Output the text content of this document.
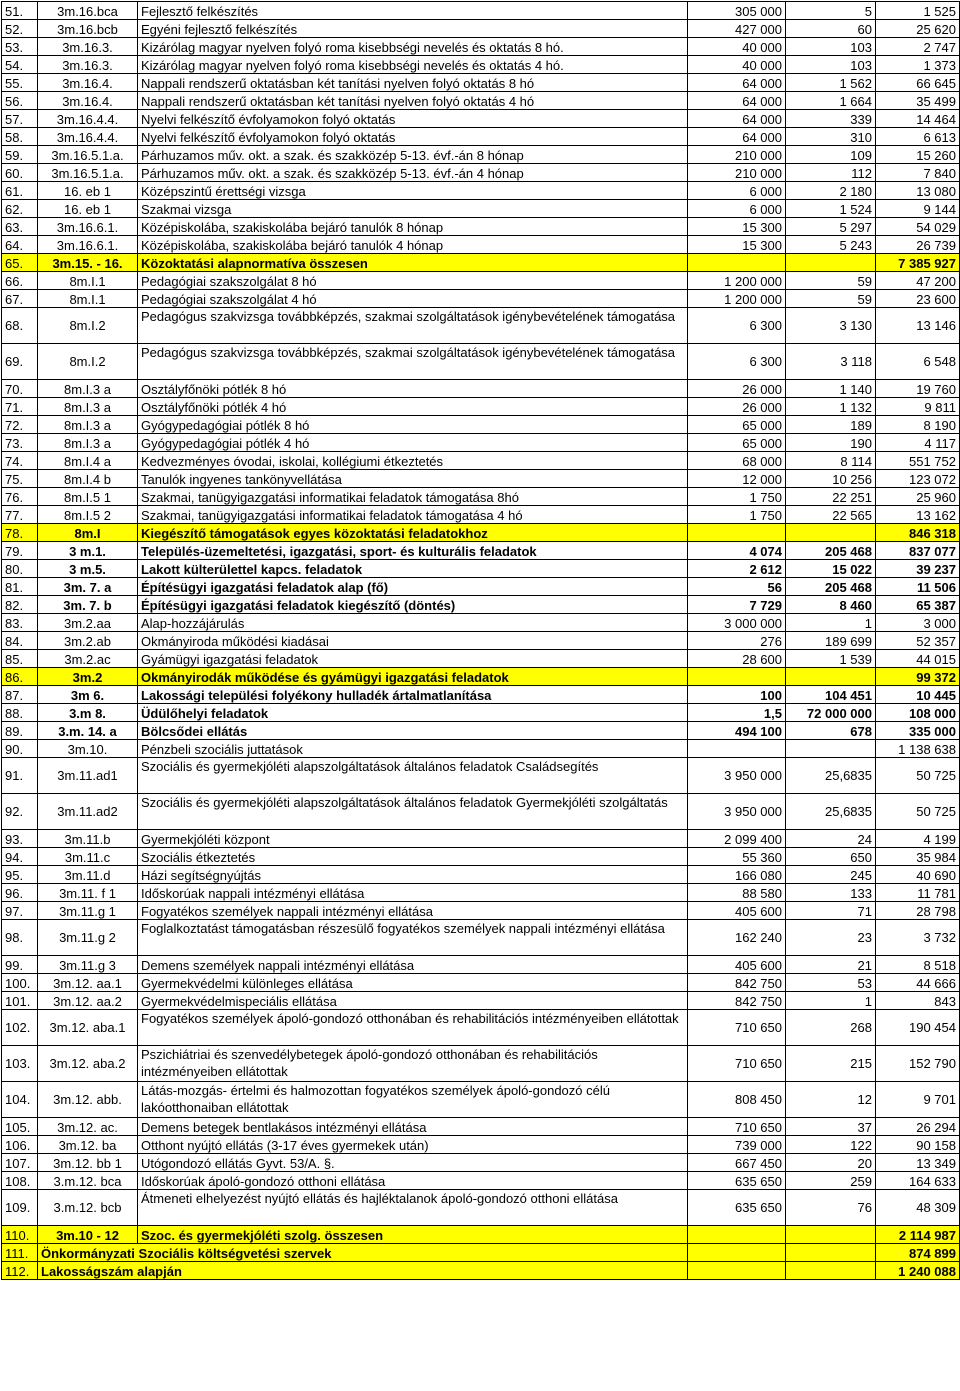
51.	3m.16.bca	Fejlesztő felkészítés	305 000	5	1 525
52.	3m.16.bcb	Egyéni fejlesztő felkészítés	427 000	60	25 620
53.	3m.16.3.	Kizárólag magyar nyelven folyó roma kisebbségi nevelés és oktatás 8 hó.	40 000	103	2 747
54.	3m.16.3.	Kizárólag magyar nyelven folyó roma kisebbségi nevelés és oktatás 4 hó.	40 000	103	1 373
55.	3m.16.4.	Nappali rendszerű oktatásban két tanítási nyelven folyó oktatás 8 hó	64 000	1 562	66 645
56.	3m.16.4.	Nappali rendszerű oktatásban két tanítási nyelven folyó oktatás 4 hó	64 000	1 664	35 499
57.	3m.16.4.4.	Nyelvi felkészítő évfolyamokon folyó oktatás	64 000	339	14 464
58.	3m.16.4.4.	Nyelvi felkészítő évfolyamokon folyó oktatás	64 000	310	6 613
59.	3m.16.5.1.a.	Párhuzamos műv. okt. a szak. és szakközép 5-13. évf.-án 8 hónap	210 000	109	15 260
60.	3m.16.5.1.a.	Párhuzamos műv. okt. a szak. és szakközép 5-13. évf.-án 4 hónap	210 000	112	7 840
61.	16. eb 1	Középszintű érettségi vizsga	6 000	2 180	13 080
62.	16. eb 1	Szakmai vizsga	6 000	1 524	9 144
63.	3m.16.6.1.	Középiskolába, szakiskolába bejáró tanulók 8 hónap	15 300	5 297	54 029
64.	3m.16.6.1.	Középiskolába, szakiskolába bejáró tanulók 4 hónap	15 300	5 243	26 739
65.	3m.15. - 16.	Közoktatási alapnormatíva összesen			7 385 927
66.	8m.I.1	Pedagógiai szakszolgálat 8 hó	1 200 000	59	47 200
67.	8m.I.1	Pedagógiai szakszolgálat 4 hó	1 200 000	59	23 600
68.	8m.I.2	Pedagógus szakvizsga továbbképzés, szakmai szolgáltatások igénybevételének támogatása	6 300	3 130	13 146
69.	8m.I.2	Pedagógus szakvizsga továbbképzés, szakmai szolgáltatások igénybevételének támogatása	6 300	3 118	6 548
70.	8m.I.3 a	Osztályfőnöki pótlék 8 hó	26 000	1 140	19 760
71.	8m.I.3 a	Osztályfőnöki pótlék 4 hó	26 000	1 132	9 811
72.	8m.I.3 a	Gyógypedagógiai pótlék 8 hó	65 000	189	8 190
73.	8m.I.3 a	Gyógypedagógiai pótlék 4 hó	65 000	190	4 117
74.	8m.I.4 a	Kedvezményes óvodai, iskolai, kollégiumi étkeztetés	68 000	8 114	551 752
75.	8m.I.4 b	Tanulók ingyenes tankönyvellátása	12 000	10 256	123 072
76.	8m.I.5 1	Szakmai, tanügyigazgatási informatikai feladatok támogatása 8hó	1 750	22 251	25 960
77.	8m.I.5 2	Szakmai, tanügyigazgatási informatikai feladatok támogatása 4 hó	1 750	22 565	13 162
78.	8m.I	Kiegészítő támogatások egyes közoktatási feladatokhoz			846 318
79.	3 m.1.	Település-üzemeltetési, igazgatási, sport- és kulturális feladatok	4 074	205 468	837 077
80.	3 m.5.	Lakott külterülettel kapcs. feladatok	2 612	15 022	39 237
81.	3m. 7. a	Építésügyi igazgatási feladatok alap (fő)	56	205 468	11 506
82.	3m. 7. b	Építésügyi igazgatási feladatok kiegészítő (döntés)	7 729	8 460	65 387
83.	3m.2.aa	Alap-hozzájárulás	3 000 000	1	3 000
84.	3m.2.ab	Okmányiroda működési kiadásai	276	189 699	52 357
85.	3m.2.ac	Gyámügyi igazgatási feladatok	28 600	1 539	44 015
86.	3m.2	Okmányirodák működése és gyámügyi igazgatási feladatok			99 372
87.	3m 6.	Lakossági települési folyékony hulladék ártalmatlanítása	100	104 451	10 445
88.	3.m 8.	Üdülőhelyi feladatok	1,5	72 000 000	108 000
89.	3.m. 14. a	Bölcsődei ellátás	494 100	678	335 000
90.	3m.10.	Pénzbeli szociális juttatások			1 138 638
91.	3m.11.ad1	Szociális és gyermekjóléti alapszolgáltatások általános feladatok Családsegítés	3 950 000	25,6835	50 725
92.	3m.11.ad2	Szociális és gyermekjóléti alapszolgáltatások általános feladatok Gyermekjóléti szolgáltatás	3 950 000	25,6835	50 725
93.	3m.11.b	Gyermekjóléti központ	2 099 400	24	4 199
94.	3m.11.c	Szociális étkeztetés	55 360	650	35 984
95.	3m.11.d	Házi segítségnyújtás	166 080	245	40 690
96.	3m.11. f 1	Időskorúak nappali intézményi ellátása	88 580	133	11 781
97.	3m.11.g 1	Fogyatékos személyek nappali intézményi ellátása	405 600	71	28 798
98.	3m.11.g 2	Foglalkoztatást támogatásban részesülő fogyatékos személyek nappali intézményi ellátása	162 240	23	3 732
99.	3m.11.g 3	Demens személyek nappali intézményi ellátása	405 600	21	8 518
100.	3m.12. aa.1	Gyermekvédelmi különleges ellátása	842 750	53	44 666
101.	3m.12. aa.2	Gyermekvédelmispeciális ellátása	842 750	1	843
102.	3m.12. aba.1	Fogyatékos személyek ápoló-gondozó otthonában és rehabilitációs intézményeiben ellátottak	710 650	268	190 454
103.	3m.12. aba.2	Pszichiátriai és szenvedélybetegek ápoló-gondozó otthonában és rehabilitációs intézményeiben ellátottak	710 650	215	152 790
104.	3m.12. abb.	Látás-mozgás- értelmi és halmozottan fogyatékos személyek ápoló-gondozó célú lakóotthonaiban ellátottak	808 450	12	9 701
105.	3m.12. ac.	Demens betegek bentlakásos intézményi ellátása	710 650	37	26 294
106.	3m.12. ba	Otthont nyújtó ellátás (3-17 éves gyermekek után)	739 000	122	90 158
107.	3m.12. bb 1	Utógondozó ellátás Gyvt. 53/A. §.	667 450	20	13 349
108.	3.m.12. bca	Időskorúak ápoló-gondozó otthoni ellátása	635 650	259	164 633
109.	3.m.12. bcb	Átmeneti elhelyezést nyújtó ellátás és hajléktalanok ápoló-gondozó otthoni ellátása	635 650	76	48 309
110.	3m.10 - 12	Szoc. és gyermekjóléti szolg. összesen			2 114 987
111.	Önkormányzati Szociális költségvetési szervek				874 899
112.	Lakosságszám alapján				1 240 088
